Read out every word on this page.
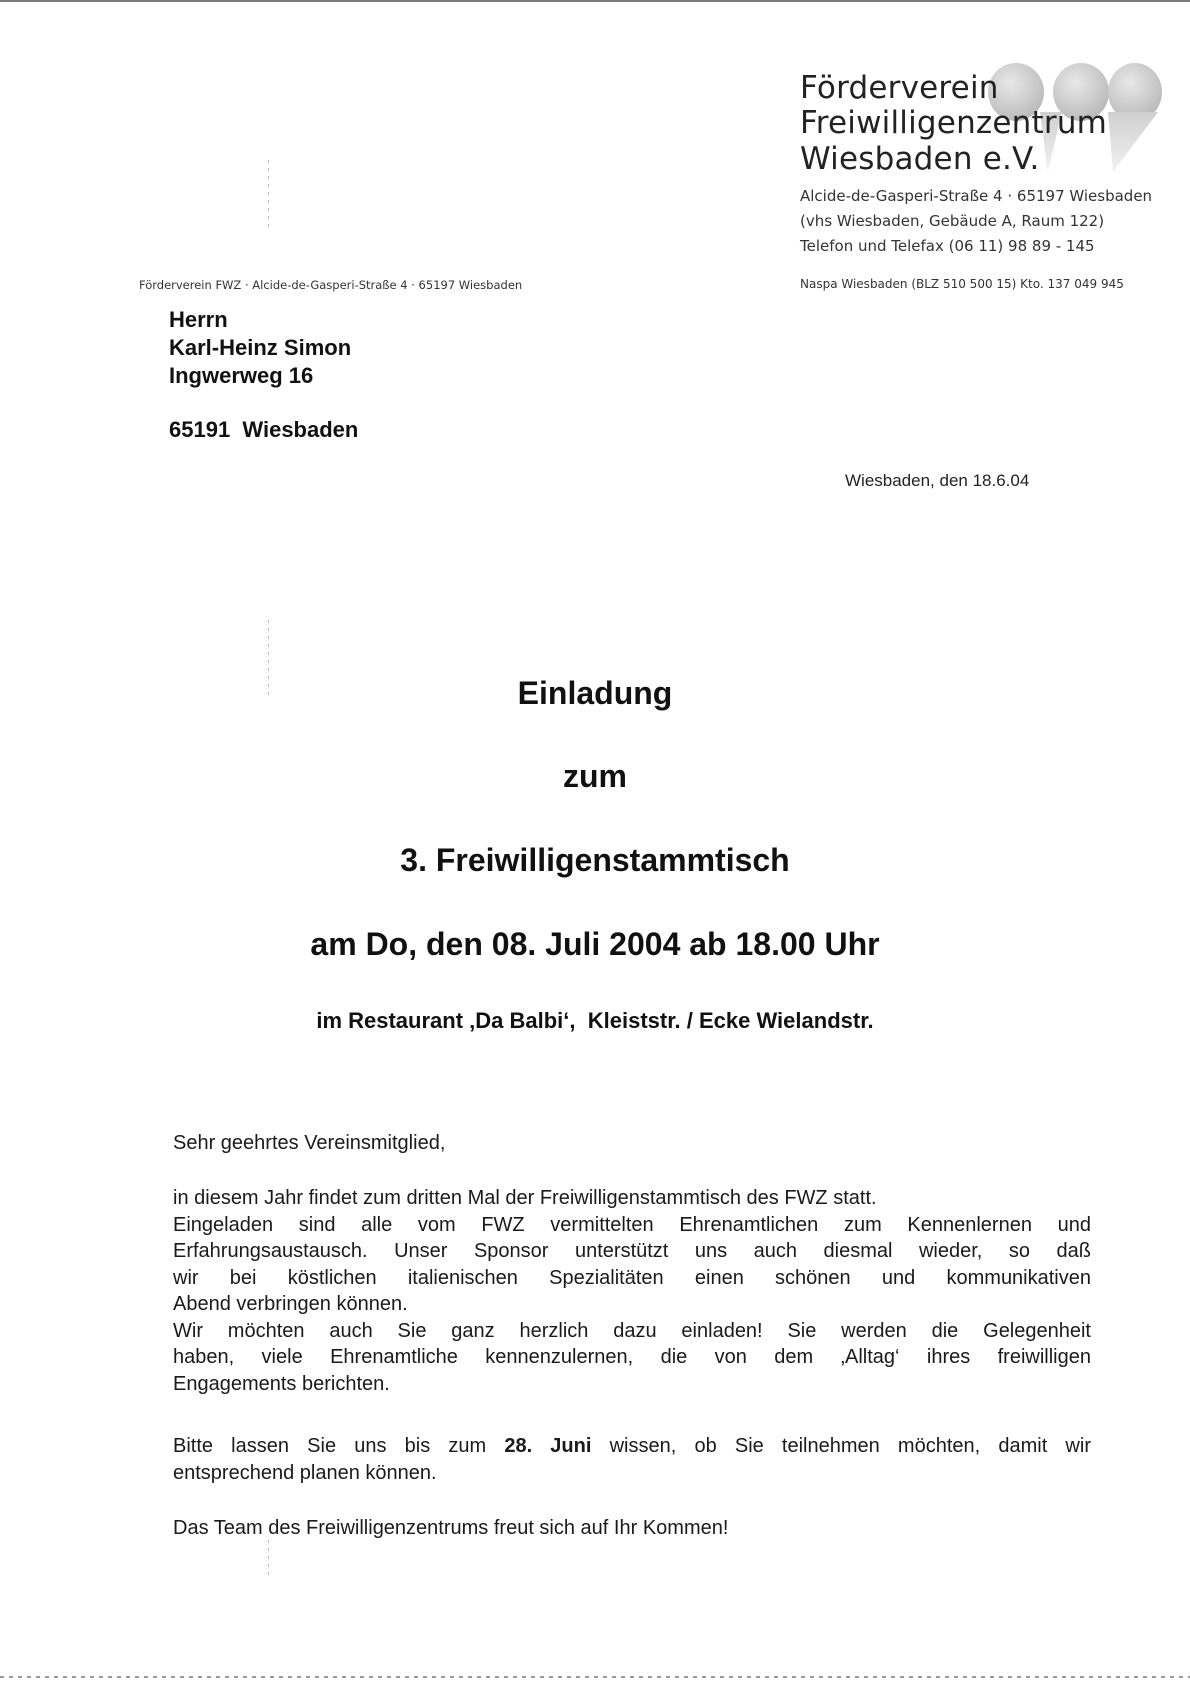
Förderverein
Freiwilligenzentrum
Wiesbaden e.V.
Alcide-de-Gasperi-Straße 4 · 65197 Wiesbaden
(vhs Wiesbaden, Gebäude A, Raum 122)
Telefon und Telefax (06 11) 98 89 - 145
Naspa Wiesbaden (BLZ 510 500 15) Kto. 137 049 945
Förderverein FWZ · Alcide-de-Gasperi-Straße 4 · 65197 Wiesbaden
Herrn
Karl-Heinz Simon
Ingwerweg 16
65191  Wiesbaden
Wiesbaden, den 18.6.04
Einladung
zum
3. Freiwilligenstammtisch
am Do, den 08. Juli 2004 ab 18.00 Uhr
im Restaurant ‚Da Balbi‘,  Kleiststr. / Ecke Wielandstr.
Sehr geehrtes Vereinsmitglied,
in diesem Jahr findet zum dritten Mal der Freiwilligenstammtisch des FWZ statt.
Eingeladen sind alle vom FWZ vermittelten Ehrenamtlichen zum Kennenlernen und
Erfahrungsaustausch. Unser Sponsor unterstützt uns auch diesmal wieder, so daß
wir bei köstlichen italienischen Spezialitäten einen schönen und kommunikativen
Abend verbringen können.
Wir möchten auch Sie ganz herzlich dazu einladen! Sie werden die Gelegenheit
haben, viele Ehrenamtliche kennenzulernen, die von dem ‚Alltag‘ ihres freiwilligen
Engagements berichten.
Bitte lassen Sie uns bis zum 28. Juni wissen, ob Sie teilnehmen möchten, damit wir
entsprechend planen können.
Das Team des Freiwilligenzentrums freut sich auf Ihr Kommen!
